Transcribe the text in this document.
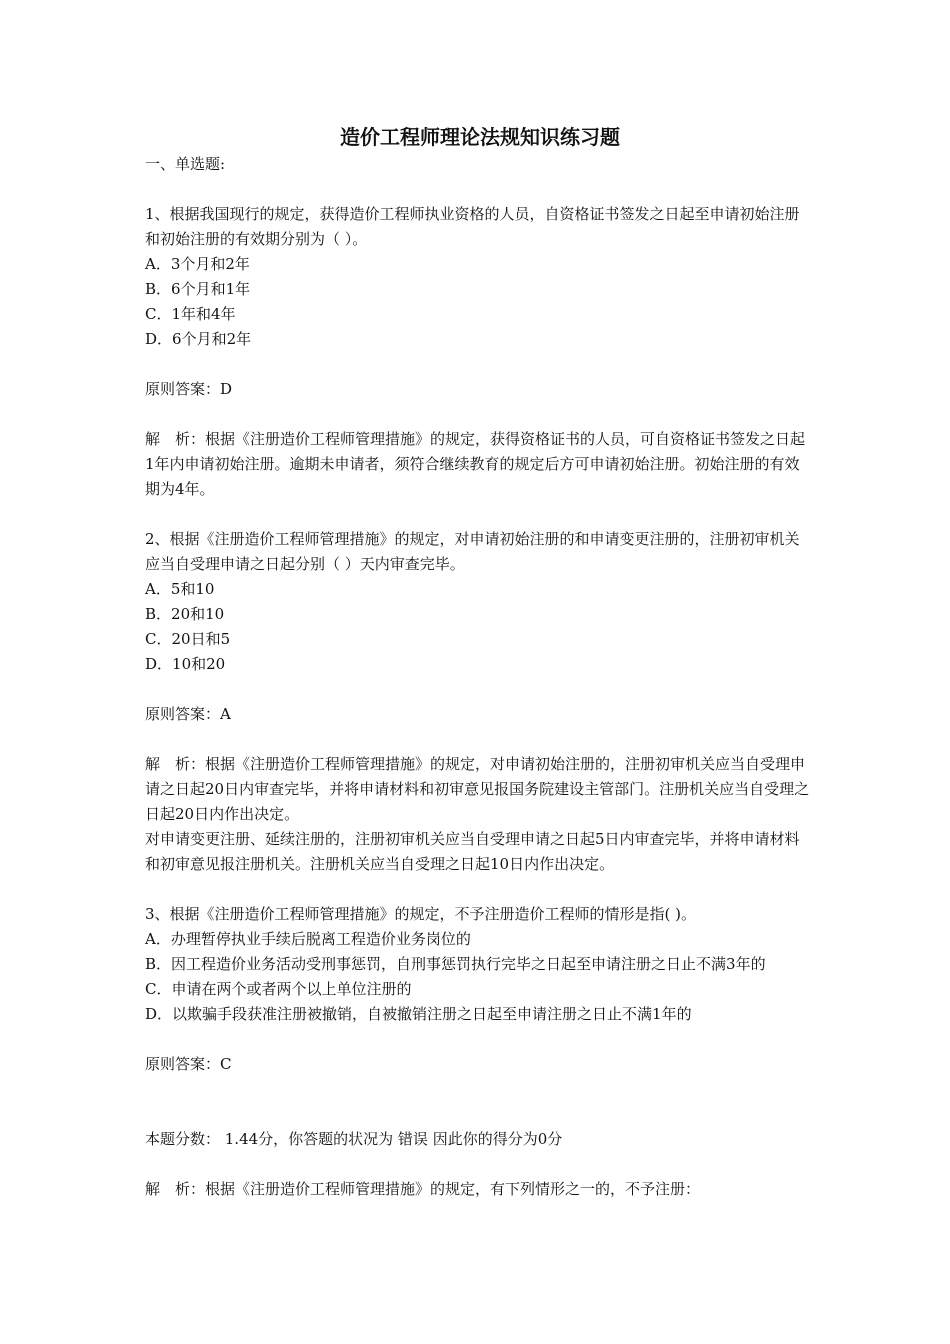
造价工程师理论法规知识练习题
一、单选题:
1、根据我国现行的规定，获得造价工程师执业资格的人员，自资格证书签发之日起至申请初始注册和初始注册的有效期分别为（ ）。
A．3个月和2年
B．6个月和1年
C．1年和4年
D．6个月和2年
原则答案：D
解　析：根据《注册造价工程师管理措施》的规定，获得资格证书的人员，可自资格证书签发之日起1年内申请初始注册。逾期未申请者，须符合继续教育的规定后方可申请初始注册。初始注册的有效期为4年。
2、根据《注册造价工程师管理措施》的规定，对申请初始注册的和申请变更注册的，注册初审机关应当自受理申请之日起分别（ ）天内审查完毕。
A．5和10
B．20和10
C．20日和5
D．10和20
原则答案：A
解　析：根据《注册造价工程师管理措施》的规定，对申请初始注册的，注册初审机关应当自受理申请之日起20日内审查完毕，并将申请材料和初审意见报国务院建设主管部门。注册机关应当自受理之日起20日内作出决定。
对申请变更注册、延续注册的，注册初审机关应当自受理申请之日起5日内审查完毕，并将申请材料和初审意见报注册机关。注册机关应当自受理之日起10日内作出决定。
3、根据《注册造价工程师管理措施》的规定，不予注册造价工程师的情形是指( )。
A．办理暂停执业手续后脱离工程造价业务岗位的
B．因工程造价业务活动受刑事惩罚，自刑事惩罚执行完毕之日起至申请注册之日止不满3年的
C．申请在两个或者两个以上单位注册的
D．以欺骗手段获准注册被撤销，自被撤销注册之日起至申请注册之日止不满1年的
原则答案：C
本题分数： 1.44分，你答题的状况为 错误 因此你的得分为0分
解　析：根据《注册造价工程师管理措施》的规定，有下列情形之一的，不予注册：
